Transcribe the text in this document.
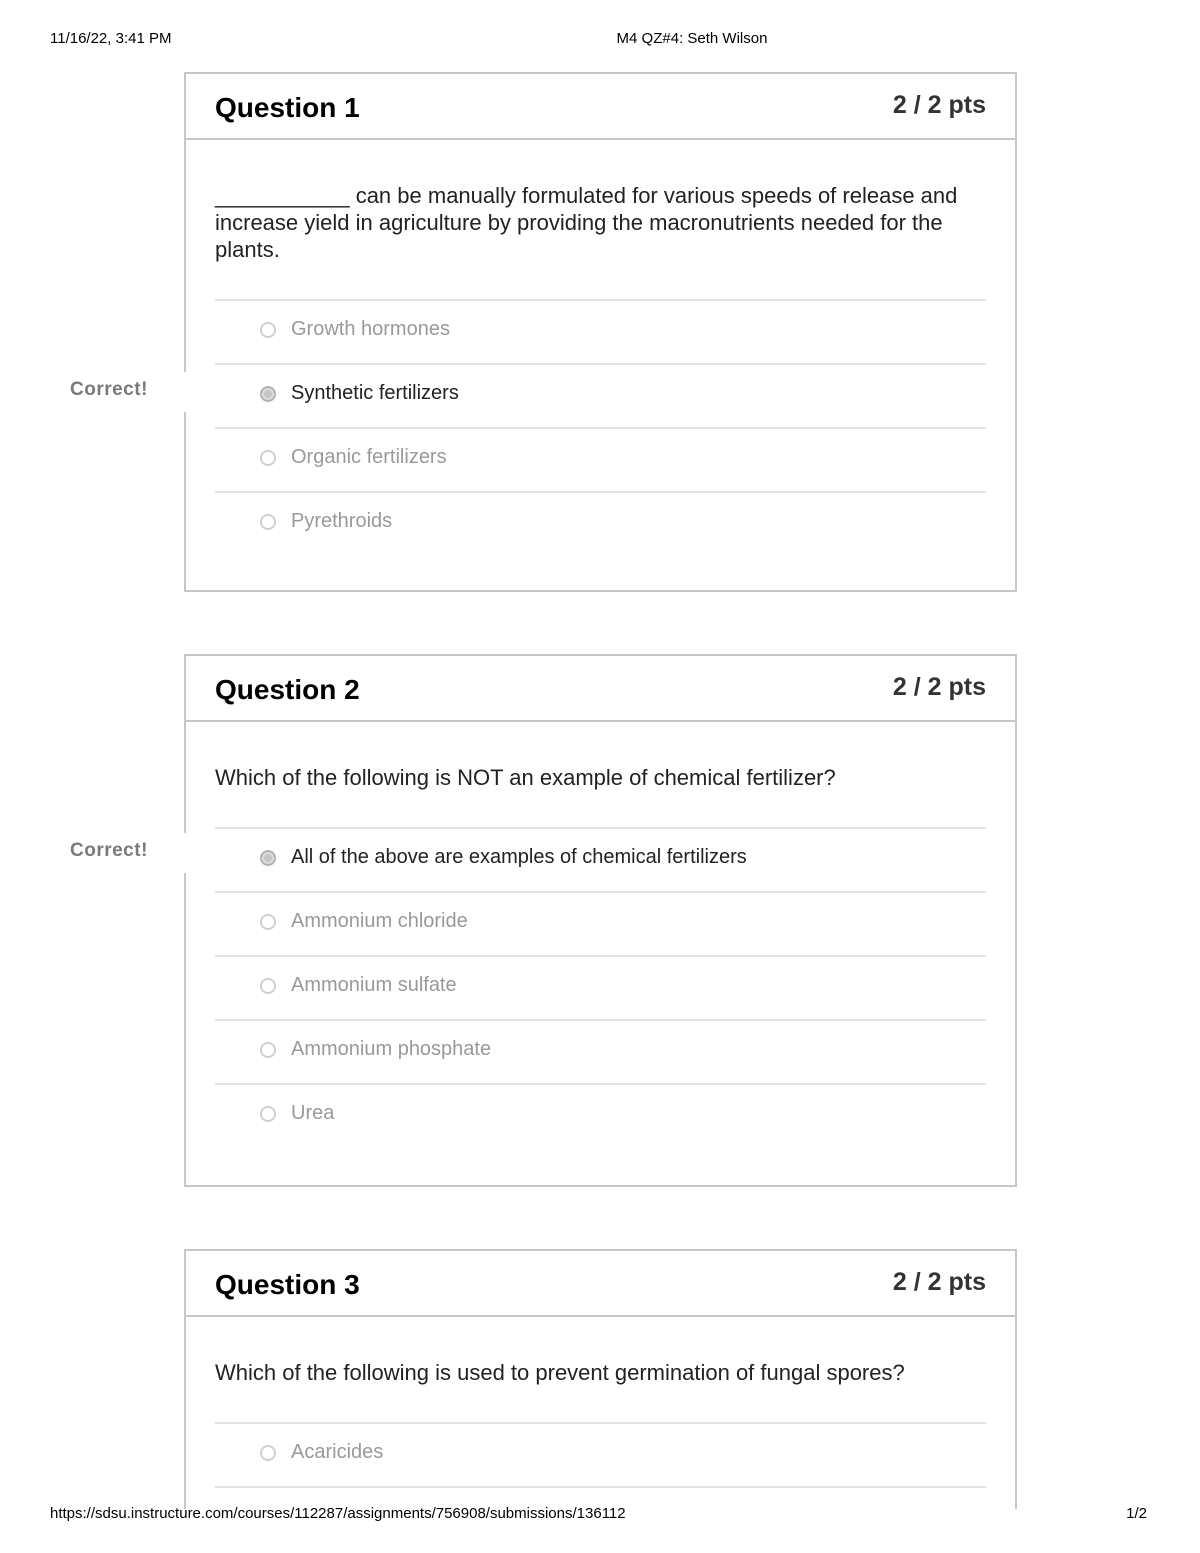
11/16/22, 3:41 PM	M4 QZ#4: Seth Wilson
Question 1	2 / 2 pts

___________ can be manually formulated for various speeds of release and increase yield in agriculture by providing the macronutrients needed for the plants.

Growth hormones
Synthetic fertilizers
Organic fertilizers
Pyrethroids
Correct!
Question 2	2 / 2 pts

Which of the following is NOT an example of chemical fertilizer?

All of the above are examples of chemical fertilizers
Ammonium chloride
Ammonium sulfate
Ammonium phosphate
Urea
Correct!
Question 3	2 / 2 pts

Which of the following is used to prevent germination of fungal spores?

Acaricides
https://sdsu.instructure.com/courses/112287/assignments/756908/submissions/136112	1/2
